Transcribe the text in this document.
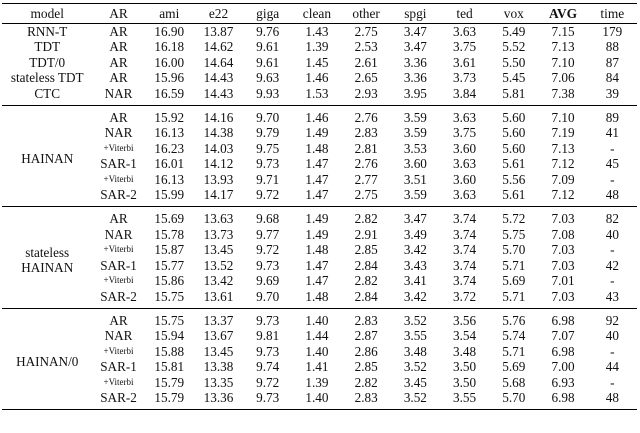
model	AR	ami	e22	giga	clean	other	spgi	ted	vox	AVG	time
RNN-T	AR	16.90	13.87	9.76	1.43	2.75	3.47	3.63	5.49	7.15	179
TDT	AR	16.18	14.62	9.61	1.39	2.53	3.47	3.75	5.52	7.13	88
TDT/0	AR	16.00	14.64	9.61	1.45	2.61	3.36	3.61	5.50	7.10	87
stateless TDT	AR	15.96	14.43	9.63	1.46	2.65	3.36	3.73	5.45	7.06	84
CTC	NAR	16.59	14.43	9.93	1.53	2.93	3.95	3.84	5.81	7.38	39
HAINAN	AR	15.92	14.16	9.70	1.46	2.76	3.59	3.63	5.60	7.10	89
	NAR	16.13	14.38	9.79	1.49	2.83	3.59	3.75	5.60	7.19	41
	+Viterbi	16.23	14.03	9.75	1.48	2.81	3.53	3.60	5.60	7.13	-
	SAR-1	16.01	14.12	9.73	1.47	2.76	3.60	3.63	5.61	7.12	45
	+Viterbi	16.13	13.93	9.71	1.47	2.77	3.51	3.60	5.56	7.09	-
	SAR-2	15.99	14.17	9.72	1.47	2.75	3.59	3.63	5.61	7.12	48
stateless HAINAN	AR	15.69	13.63	9.68	1.49	2.82	3.47	3.74	5.72	7.03	82
	NAR	15.78	13.73	9.77	1.49	2.91	3.49	3.74	5.75	7.08	40
	+Viterbi	15.87	13.45	9.72	1.48	2.85	3.42	3.74	5.70	7.03	-
	SAR-1	15.77	13.52	9.73	1.47	2.84	3.43	3.74	5.71	7.03	42
	+Viterbi	15.86	13.42	9.69	1.47	2.82	3.41	3.74	5.69	7.01	-
	SAR-2	15.75	13.61	9.70	1.48	2.84	3.42	3.72	5.71	7.03	43
HAINAN/0	AR	15.75	13.37	9.73	1.40	2.83	3.52	3.56	5.76	6.98	92
	NAR	15.94	13.67	9.81	1.44	2.87	3.55	3.54	5.74	7.07	40
	+Viterbi	15.88	13.45	9.73	1.40	2.86	3.48	3.48	5.71	6.98	-
	SAR-1	15.81	13.38	9.74	1.41	2.85	3.52	3.50	5.69	7.00	44
	+Viterbi	15.79	13.35	9.72	1.39	2.82	3.45	3.50	5.68	6.93	-
	SAR-2	15.79	13.36	9.73	1.40	2.83	3.52	3.55	5.70	6.98	48
